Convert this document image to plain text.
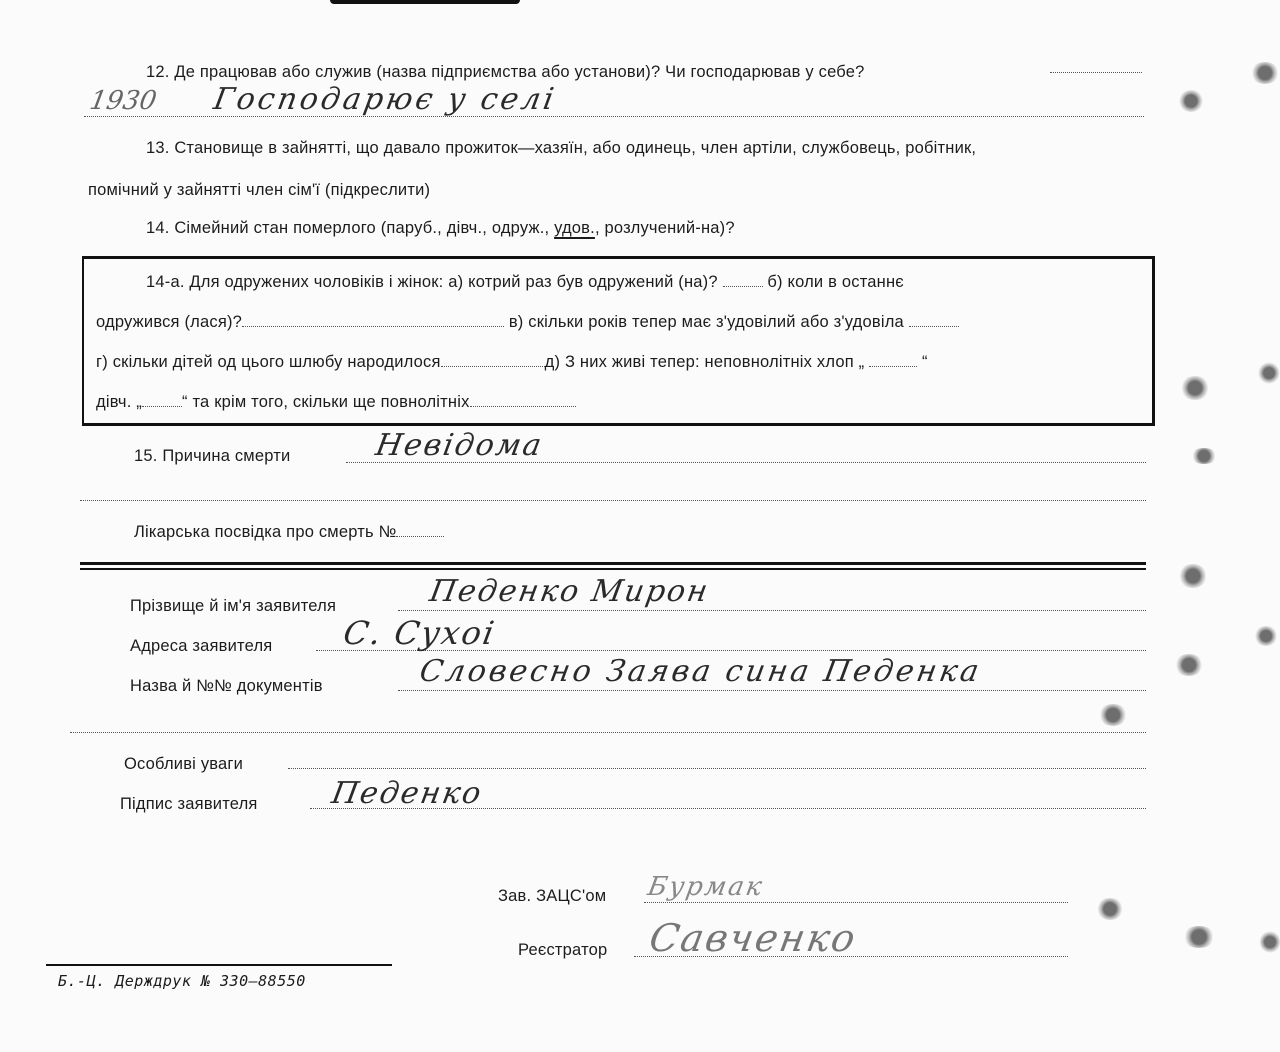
12. Де працював або служив (назва підприємства або установи)? Чи господарював у себе?
1930 Господарює у селі
13. Становище в зайнятті, що давало прожиток—хазяїн, або одинець, член артіли, службовець, робітник,
помічний у зайнятті член сім'ї (підкреслити)
14. Сімейний стан померлого (паруб., дівч., одруж., удов., розлучений-на)?
14-а. Для одружених чоловіків і жінок: а) котрий раз був одружений (на)?	б) коли в останнє
одружився (лася)?	в) скільки років тепер має з'удовілий або з'удовіла
г) скільки дітей од цього шлюбу народилося	д) З них живі тепер: неповнолітніх хлоп „	“
дівч. „ “ та крім того, скільки ще повнолітніх
15. Причина смерти	Невідома
Лікарська посвідка про смерть №
Прізвище й ім'я заявителя	Педенко Мирон
Адреса заявителя С. Сухоі
Назва й №№ документів	Словесно Заява сина Педенка
Особливі уваги
Підпис заявителя Педенко
Зав. ЗАЦС'ом Бурмак
Реєстратор Савченко
Б.-Ц. Держдрук № 330—88550
